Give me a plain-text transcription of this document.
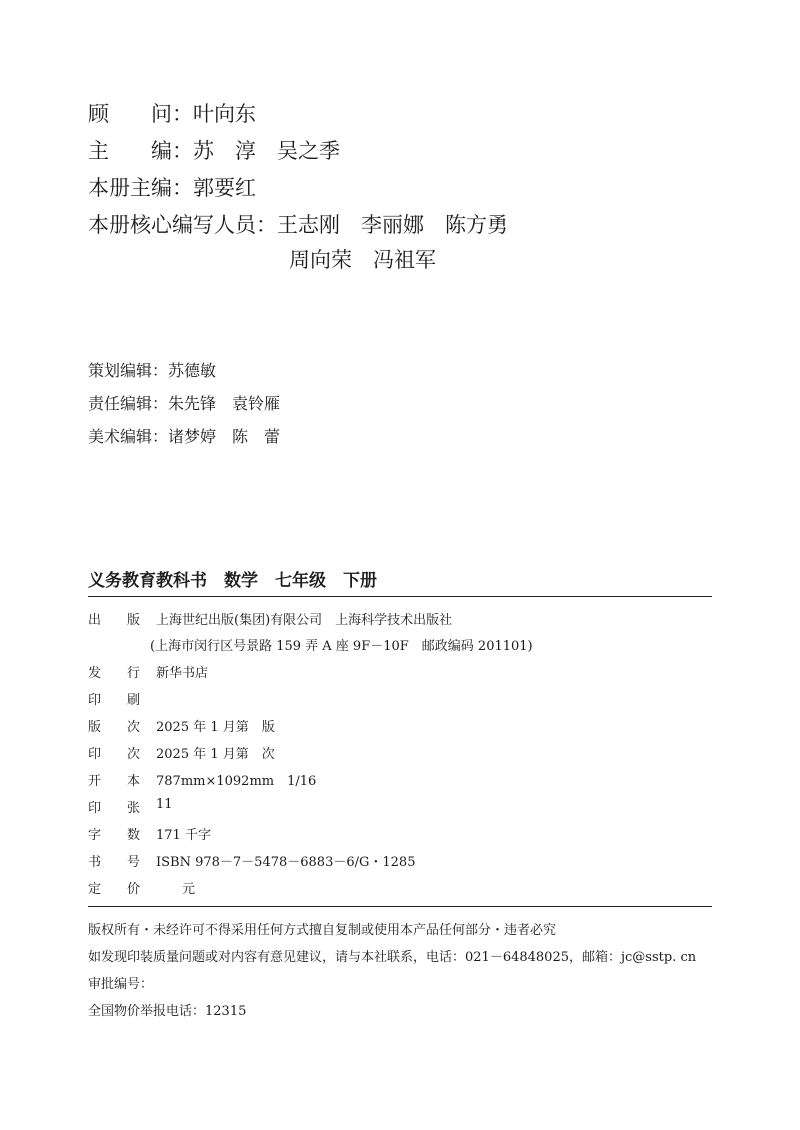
顾　　问：叶向东
主　　编：苏　淳　吴之季
本册主编：郭要红
本册核心编写人员：王志刚　李丽娜　陈方勇
周向荣　冯祖军
策划编辑：苏德敏
责任编辑：朱先锋　袁铃雁
美术编辑：诸梦婷　陈　蕾
义务教育教科书　数学　七年级　下册
出　　版	上海世纪出版(集团)有限公司　上海科学技术出版社
(上海市闵行区号景路 159 弄 A 座 9F－10F　邮政编码 201101)
发　　行	新华书店
印　　刷
版　　次	2025 年 1 月第　版
印　　次	2025 年 1 月第　次
开　　本	787mm×1092mm　1/16
印　　张	11
字　　数	171 千字
书　　号	ISBN 978－7－5478－6883－6/G・1285
定　　价	　　元
版权所有・未经许可不得采用任何方式擅自复制或使用本产品任何部分・违者必究
如发现印装质量问题或对内容有意见建议，请与本社联系，电话：021－64848025，邮箱：jc@sstp. cn
审批编号：
全国物价举报电话：12315
